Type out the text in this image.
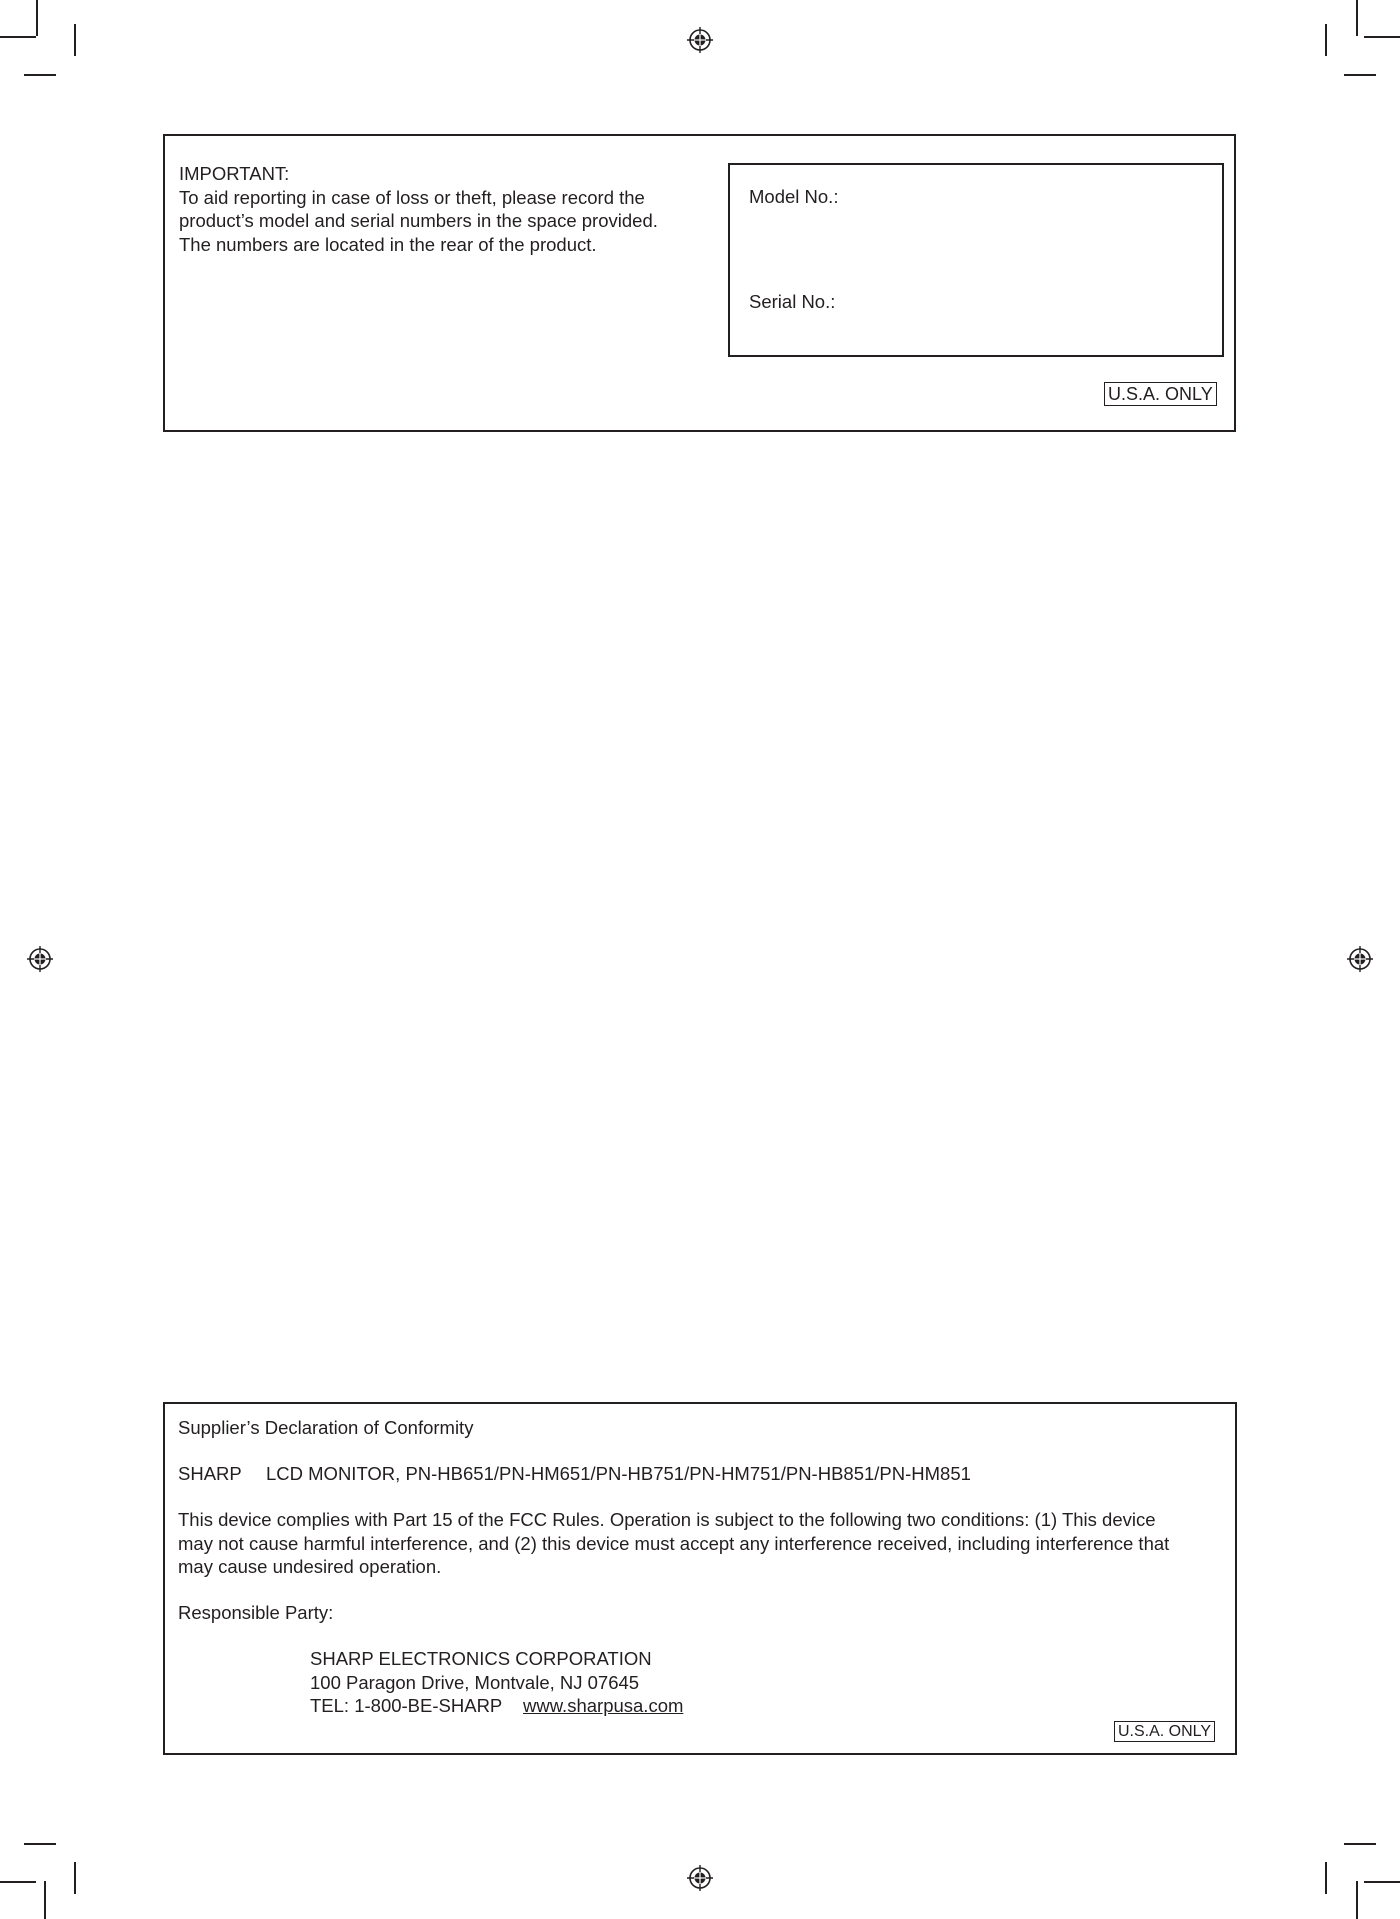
IMPORTANT:
To aid reporting in case of loss or theft, please record the
product’s model and serial numbers in the space provided.
The numbers are located in the rear of the product.
Model No.:
Serial No.:
U.S.A. ONLY
Supplier’s Declaration of Conformity
SHARP LCD MONITOR, PN-HB651/PN-HM651/PN-HB751/PN-HM751/PN-HB851/PN-HM851
This device complies with Part 15 of the FCC Rules. Operation is subject to the following two conditions: (1) This device
may not cause harmful interference, and (2) this device must accept any interference received, including interference that
may cause undesired operation.
Responsible Party:
SHARP ELECTRONICS CORPORATION
100 Paragon Drive, Montvale, NJ 07645
TEL: 1-800-BE-SHARP www.sharpusa.com
U.S.A. ONLY
